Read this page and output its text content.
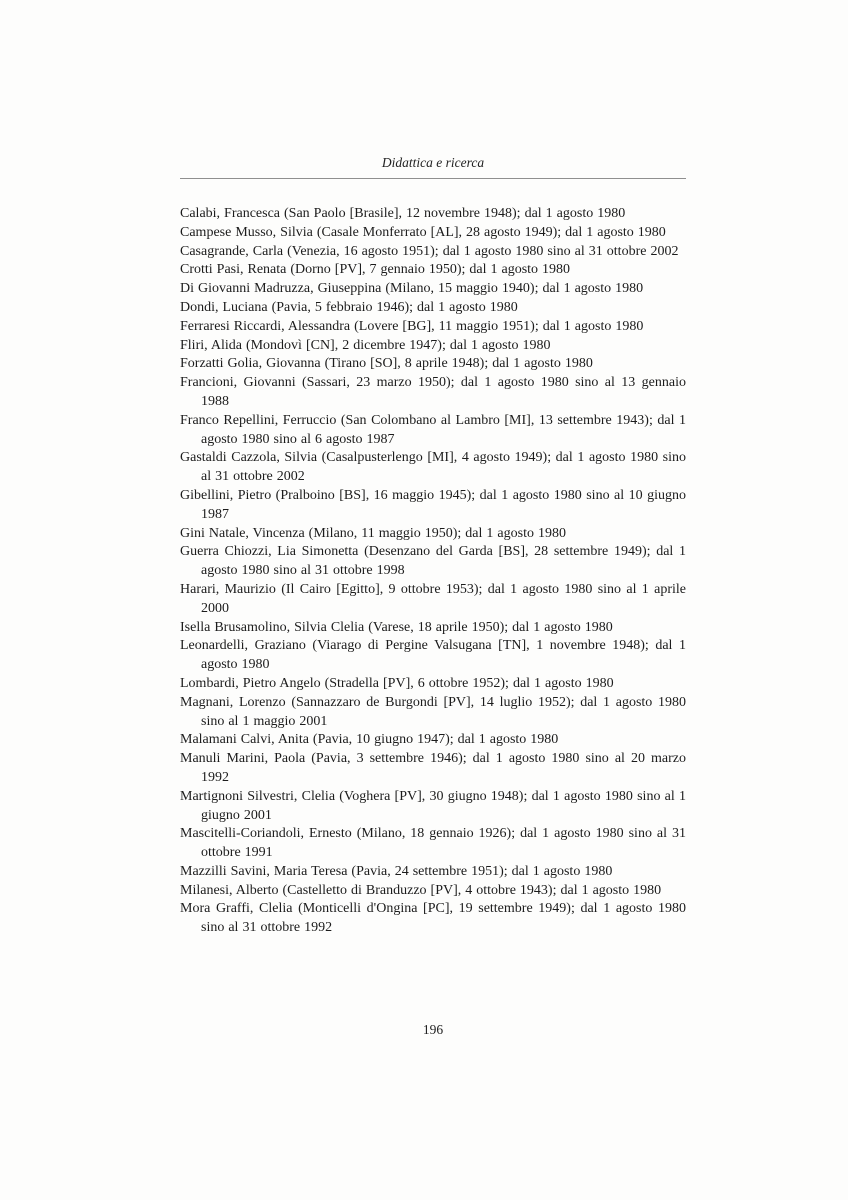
Didattica e ricerca

Calabi, Francesca (San Paolo [Brasile], 12 novembre 1948); dal 1 agosto 1980

Campese Musso, Silvia (Casale Monferrato [AL], 28 agosto 1949); dal 1 agosto 1980

Casagrande, Carla (Venezia, 16 agosto 1951); dal 1 agosto 1980 sino al 31 ottobre 2002

Crotti Pasi, Renata (Dorno [PV], 7 gennaio 1950); dal 1 agosto 1980

Di Giovanni Madruzza, Giuseppina (Milano, 15 maggio 1940); dal 1 agosto 1980

Dondi, Luciana (Pavia, 5 febbraio 1946); dal 1 agosto 1980

Ferraresi Riccardi, Alessandra (Lovere [BG], 11 maggio 1951); dal 1 agosto 1980

Fliri, Alida (Mondovì [CN], 2 dicembre 1947); dal 1 agosto 1980

Forzatti Golia, Giovanna (Tirano [SO], 8 aprile 1948); dal 1 agosto 1980

Francioni, Giovanni (Sassari, 23 marzo 1950); dal 1 agosto 1980 sino al 13 gennaio 1988

Franco Repellini, Ferruccio (San Colombano al Lambro [MI], 13 settembre 1943); dal 1 agosto 1980 sino al 6 agosto 1987

Gastaldi Cazzola, Silvia (Casalpusterlengo [MI], 4 agosto 1949); dal 1 agosto 1980 sino al 31 ottobre 2002

Gibellini, Pietro (Pralboino [BS], 16 maggio 1945); dal 1 agosto 1980 sino al 10 giugno 1987

Gini Natale, Vincenza (Milano, 11 maggio 1950); dal 1 agosto 1980

Guerra Chiozzi, Lia Simonetta (Desenzano del Garda [BS], 28 settembre 1949); dal 1 agosto 1980 sino al 31 ottobre 1998

Harari, Maurizio (Il Cairo [Egitto], 9 ottobre 1953); dal 1 agosto 1980 sino al 1 aprile 2000

Isella Brusamolino, Silvia Clelia (Varese, 18 aprile 1950); dal 1 agosto 1980

Leonardelli, Graziano (Viarago di Pergine Valsugana [TN], 1 novembre 1948); dal 1 agosto 1980

Lombardi, Pietro Angelo (Stradella [PV], 6 ottobre 1952); dal 1 agosto 1980

Magnani, Lorenzo (Sannazzaro de Burgondi [PV], 14 luglio 1952); dal 1 agosto 1980 sino al 1 maggio 2001

Malamani Calvi, Anita (Pavia, 10 giugno 1947); dal 1 agosto 1980

Manuli Marini, Paola (Pavia, 3 settembre 1946); dal 1 agosto 1980 sino al 20 marzo 1992

Martignoni Silvestri, Clelia (Voghera [PV], 30 giugno 1948); dal 1 agosto 1980 sino al 1 giugno 2001

Mascitelli-Coriandoli, Ernesto (Milano, 18 gennaio 1926); dal 1 agosto 1980 sino al 31 ottobre 1991

Mazzilli Savini, Maria Teresa (Pavia, 24 settembre 1951); dal 1 agosto 1980

Milanesi, Alberto (Castelletto di Branduzzo [PV], 4 ottobre 1943); dal 1 agosto 1980

Mora Graffi, Clelia (Monticelli d'Ongina [PC], 19 settembre 1949); dal 1 agosto 1980 sino al 31 ottobre 1992

196
